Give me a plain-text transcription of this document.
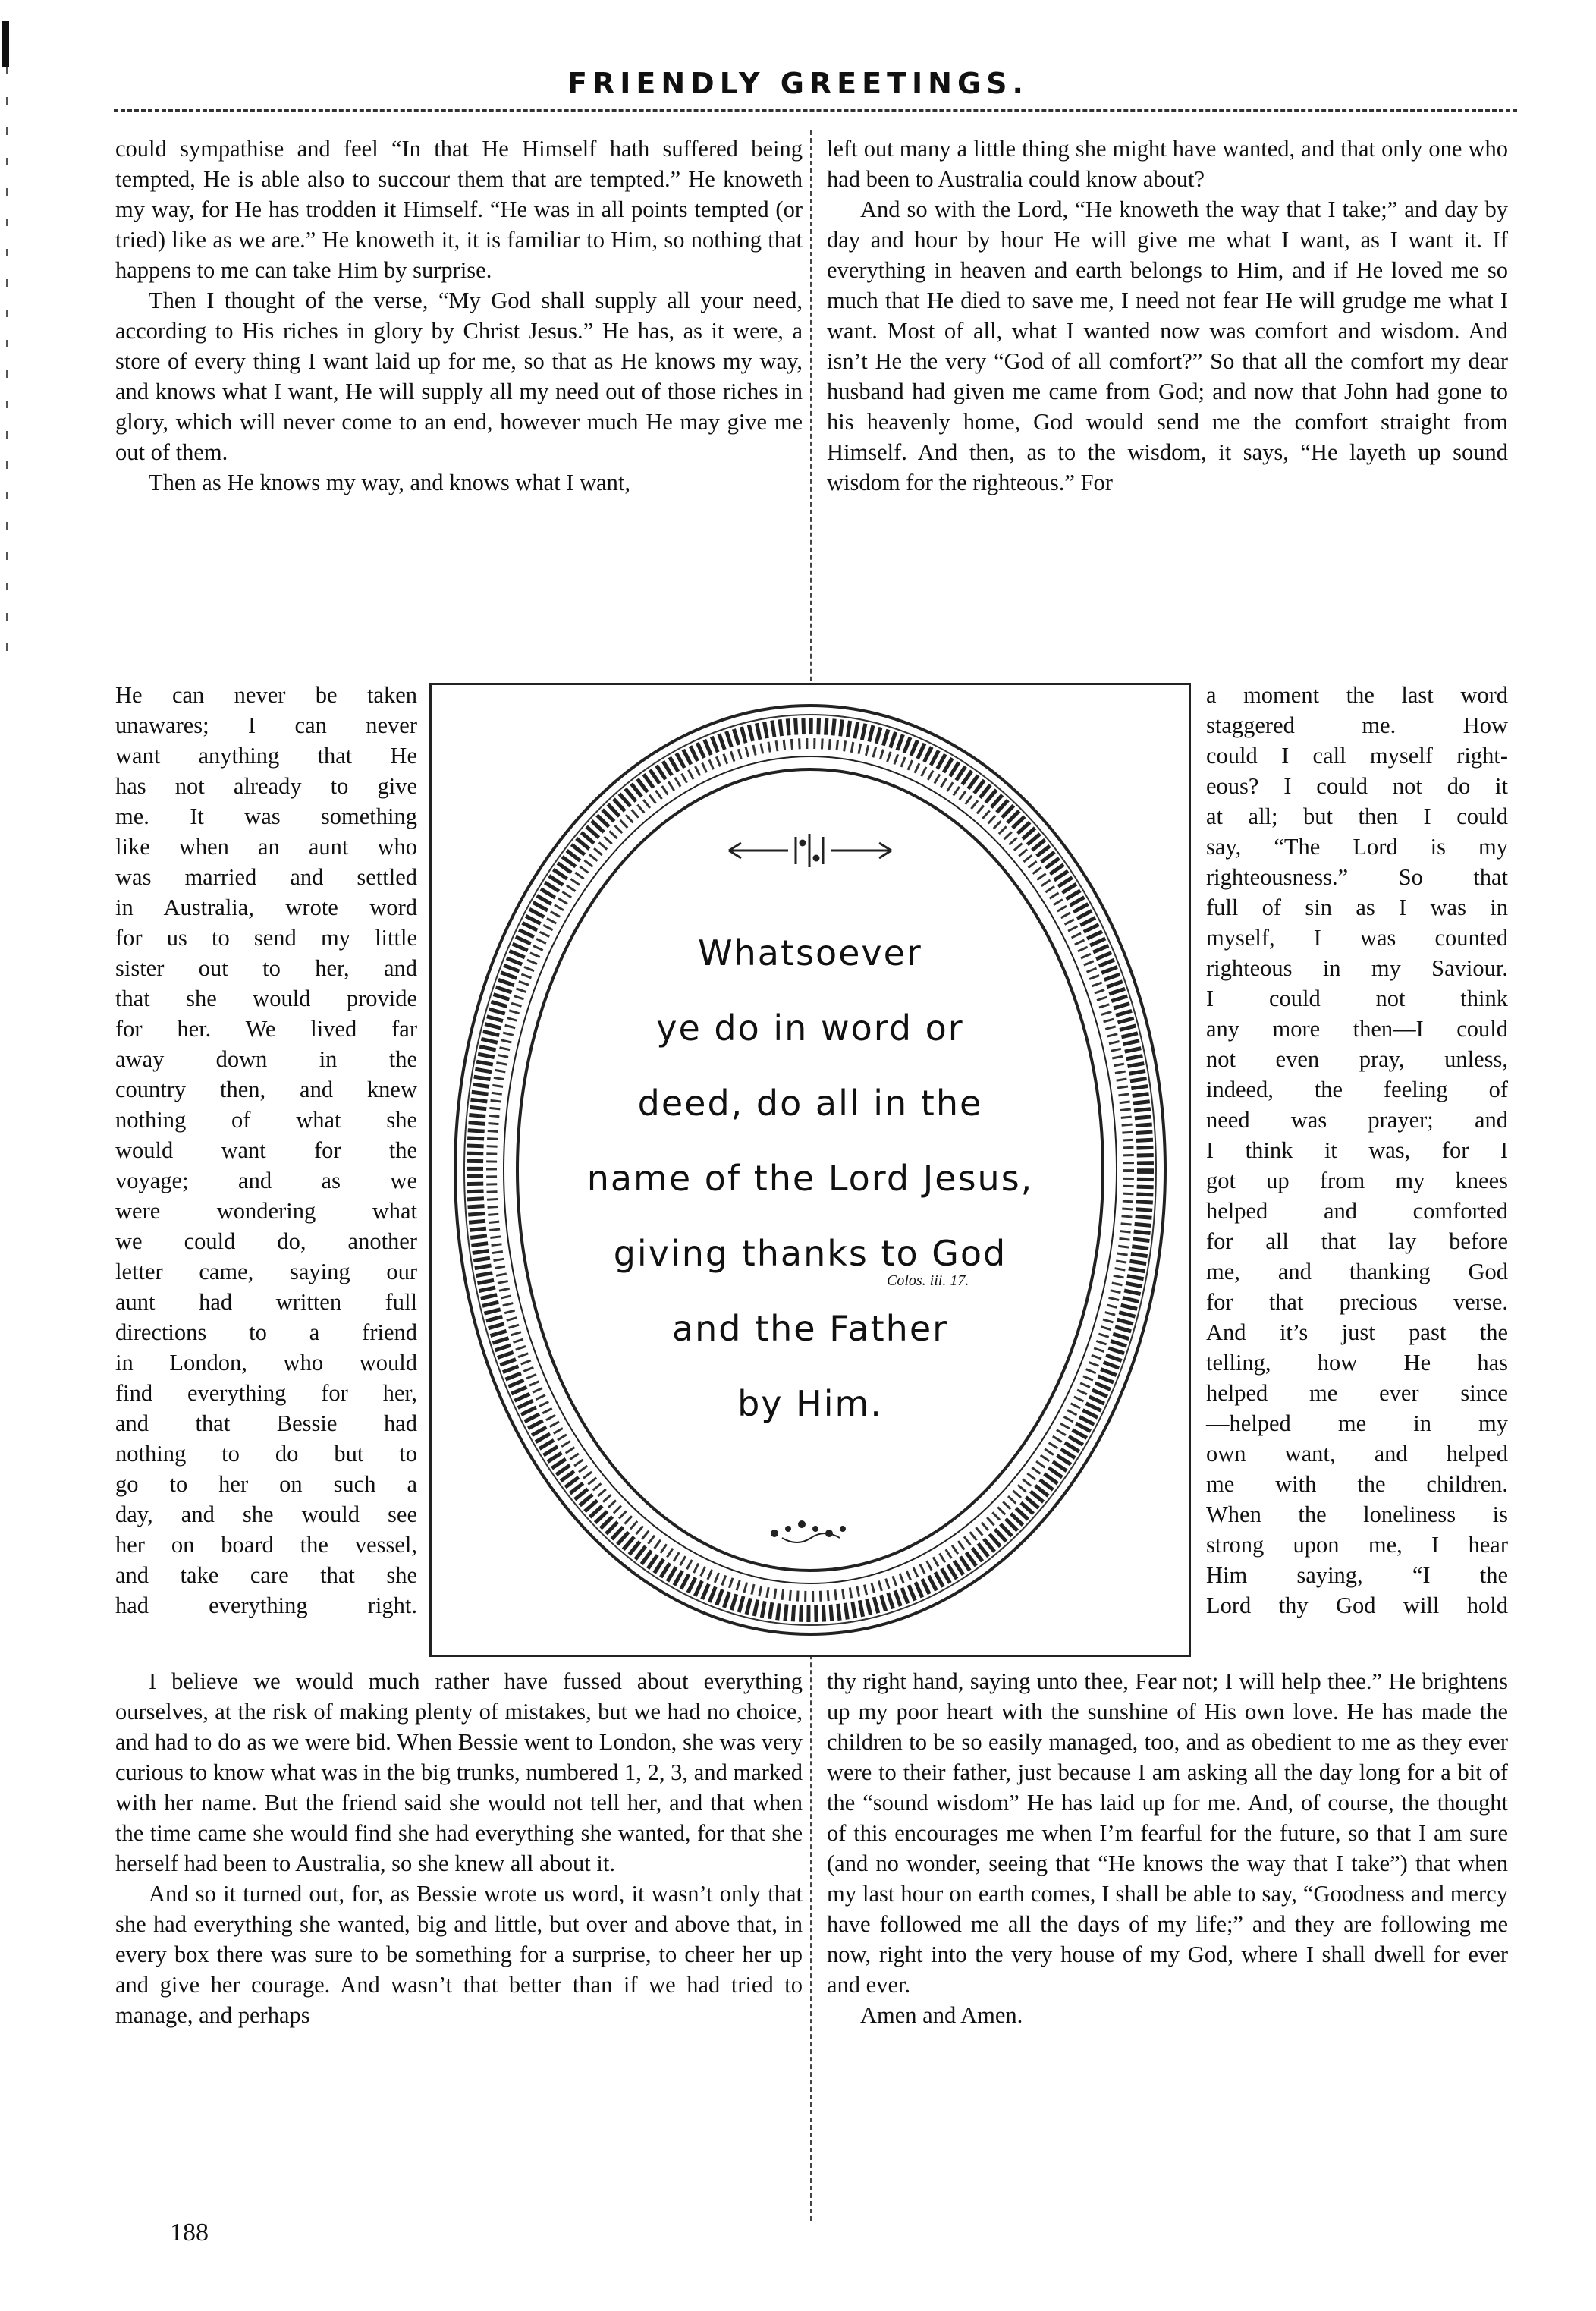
FRIENDLY GREETINGS.

could sympathise and feel “In that He Himself hath suffered being tempted, He is able also to succour them that are tempted.” He knoweth my way, for He has trodden it Himself. “He was in all points tempted (or tried) like as we are.” He knoweth it, it is familiar to Him, so nothing that happens to me can take Him by surprise.

Then I thought of the verse, “My God shall supply all your need, according to His riches in glory by Christ Jesus.” He has, as it were, a store of every thing I want laid up for me, so that as He knows my way, and knows what I want, He will supply all my need out of those riches in glory, which will never come to an end, however much He may give me out of them.

Then as He knows my way, and knows what I want,

He can never be taken
unawares; I can never
want anything that He
has not already to give
me. It was something
like when an aunt who
was married and settled
in Australia, wrote word
for us to send my little
sister out to her, and
that she would provide
for her. We lived far
away down in the
country then, and knew
nothing of what she
would want for the
voyage; and as we
were wondering what
we could do, another
letter came, saying our
aunt had written full
directions to a friend
in London, who would
find everything for her,
and that Bessie had
nothing to do but to
go to her on such a
day, and she would see
her on board the vessel,
and take care that she
had everything right.

I believe we would much rather have fussed about everything ourselves, at the risk of making plenty of mistakes, but we had no choice, and had to do as we were bid. When Bessie went to London, she was very curious to know what was in the big trunks, numbered 1, 2, 3, and marked with her name. But the friend said she would not tell her, and that when the time came she would find she had everything she wanted, for that she herself had been to Australia, so she knew all about it.

And so it turned out, for, as Bessie wrote us word, it wasn’t only that she had everything she wanted, big and little, but over and above that, in every box there was sure to be something for a surprise, to cheer her up and give her courage. And wasn’t that better than if we had tried to manage, and perhaps

left out many a little thing she might have wanted, and that only one who had been to Australia could know about?

And so with the Lord, “He knoweth the way that I take;” and day by day and hour by hour He will give me what I want, as I want it. If everything in heaven and earth belongs to Him, and if He loved me so much that He died to save me, I need not fear He will grudge me what I want. Most of all, what I wanted now was comfort and wisdom. And isn’t He the very “God of all comfort?” So that all the comfort my dear husband had given me came from God; and now that John had gone to his heavenly home, God would send me the comfort straight from Himself. And then, as to the wisdom, it says, “He layeth up sound wisdom for the righteous.” For

a moment the last word
staggered me. How
could I call myself right-
eous? I could not do it
at all; but then I could
say, “The Lord is my
righteousness.” So that
full of sin as I was in
myself, I was counted
righteous in my Saviour.
I could not think
any more then—I could
not even pray, unless,
indeed, the feeling of
need was prayer; and
I think it was, for I
got up from my knees
helped and comforted
for all that lay before
me, and thanking God
for that precious verse.
And it’s just past the
telling, how He has
helped me ever since
—helped me in my
own want, and helped
me with the children.
When the loneliness is
strong upon me, I hear
Him saying, “I the
Lord thy God will hold

thy right hand, saying unto thee, Fear not; I will help thee.” He brightens up my poor heart with the sunshine of His own love. He has made the children to be so easily managed, too, and as obedient to me as they ever were to their father, just because I am asking all the day long for a bit of the “sound wisdom” He has laid up for me. And, of course, the thought of this encourages me when I’m fearful for the future, so that I am sure (and no wonder, seeing that “He knows the way that I take”) that when my last hour on earth comes, I shall be able to say, “Goodness and mercy have followed me all the days of my life;” and they are following me now, right into the very house of my God, where I shall dwell for ever and ever.

Amen and Amen.

Whatsoever
ye do in word or
deed, do all in the
name of the Lord Jesus,
giving thanks to God
and the Father
by Him.
Colos. iii. 17.
188
